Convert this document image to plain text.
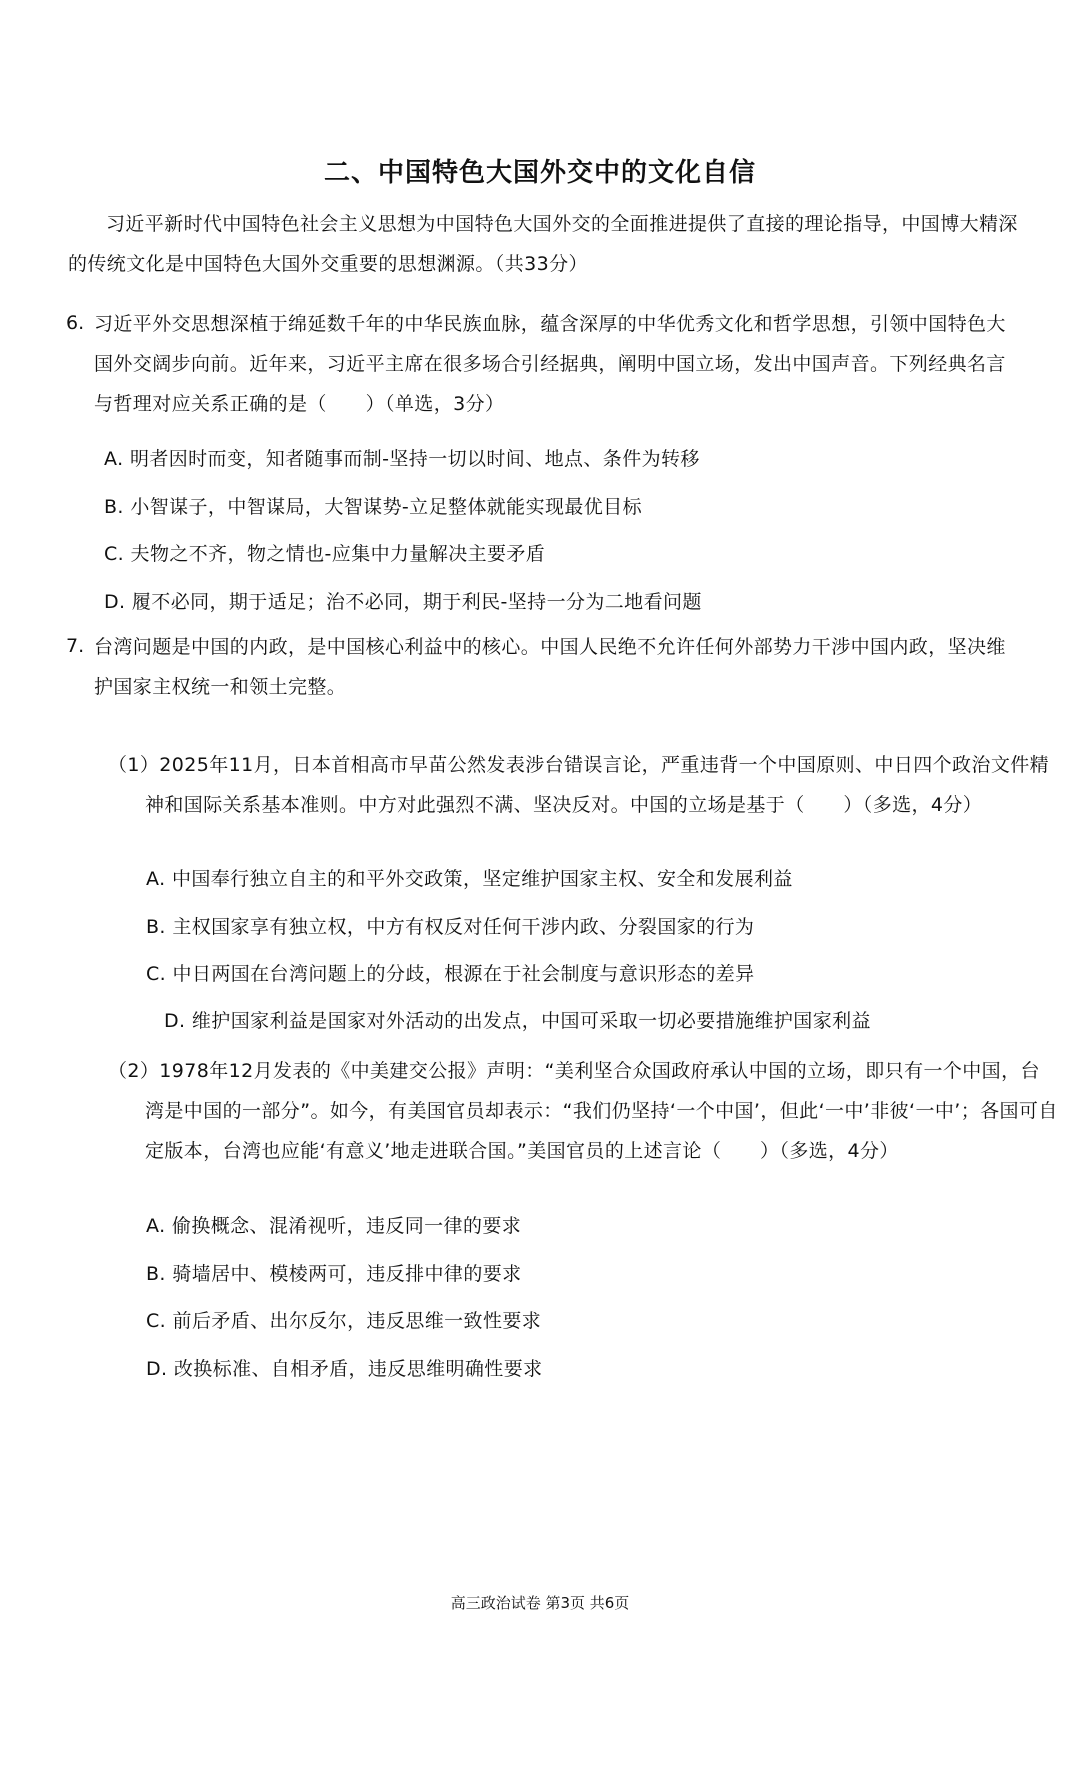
二、中国特色大国外交中的文化自信

习近平新时代中国特色社会主义思想为中国特色大国外交的全面推进提供了直接的理论指导，中国博大精深的传统文化是中国特色大国外交重要的思想渊源。（共33分）

6. 习近平外交思想深植于绵延数千年的中华民族血脉，蕴含深厚的中华优秀文化和哲学思想，引领中国特色大国外交阔步向前。近年来，习近平主席在很多场合引经据典，阐明中国立场，发出中国声音。下列经典名言与哲理对应关系正确的是（　　）（单选，3分）

A. 明者因时而变，知者随事而制-坚持一切以时间、地点、条件为转移
B. 小智谋子，中智谋局，大智谋势-立足整体就能实现最优目标
C. 夫物之不齐，物之情也-应集中力量解决主要矛盾
D. 履不必同，期于适足；治不必同，期于利民-坚持一分为二地看问题
7. 台湾问题是中国的内政，是中国核心利益中的核心。中国人民绝不允许任何外部势力干涉中国内政，坚决维护国家主权统一和领土完整。

（1）2025年11月，日本首相高市早苗公然发表涉台错误言论，严重违背一个中国原则、中日四个政治文件精神和国际关系基本准则。中方对此强烈不满、坚决反对。中国的立场是基于（　　）（多选，4分）

A. 中国奉行独立自主的和平外交政策，坚定维护国家主权、安全和发展利益
B. 主权国家享有独立权，中方有权反对任何干涉内政、分裂国家的行为
C. 中日两国在台湾问题上的分歧，根源在于社会制度与意识形态的差异
D. 维护国家利益是国家对外活动的出发点，中国可采取一切必要措施维护国家利益

（2）1978年12月发表的《中美建交公报》声明：“美利坚合众国政府承认中国的立场，即只有一个中国，台湾是中国的一部分”。如今，有美国官员却表示：“我们仍坚持‘一个中国’，但此‘一中’非彼‘一中’；各国可自定版本，台湾也应能‘有意义’地走进联合国。”美国官员的上述言论（　　）（多选，4分）

A. 偷换概念、混淆视听，违反同一律的要求
B. 骑墙居中、模棱两可，违反排中律的要求
C. 前后矛盾、出尔反尔，违反思维一致性要求
D. 改换标准、自相矛盾，违反思维明确性要求
高三政治试卷 第3页 共6页
